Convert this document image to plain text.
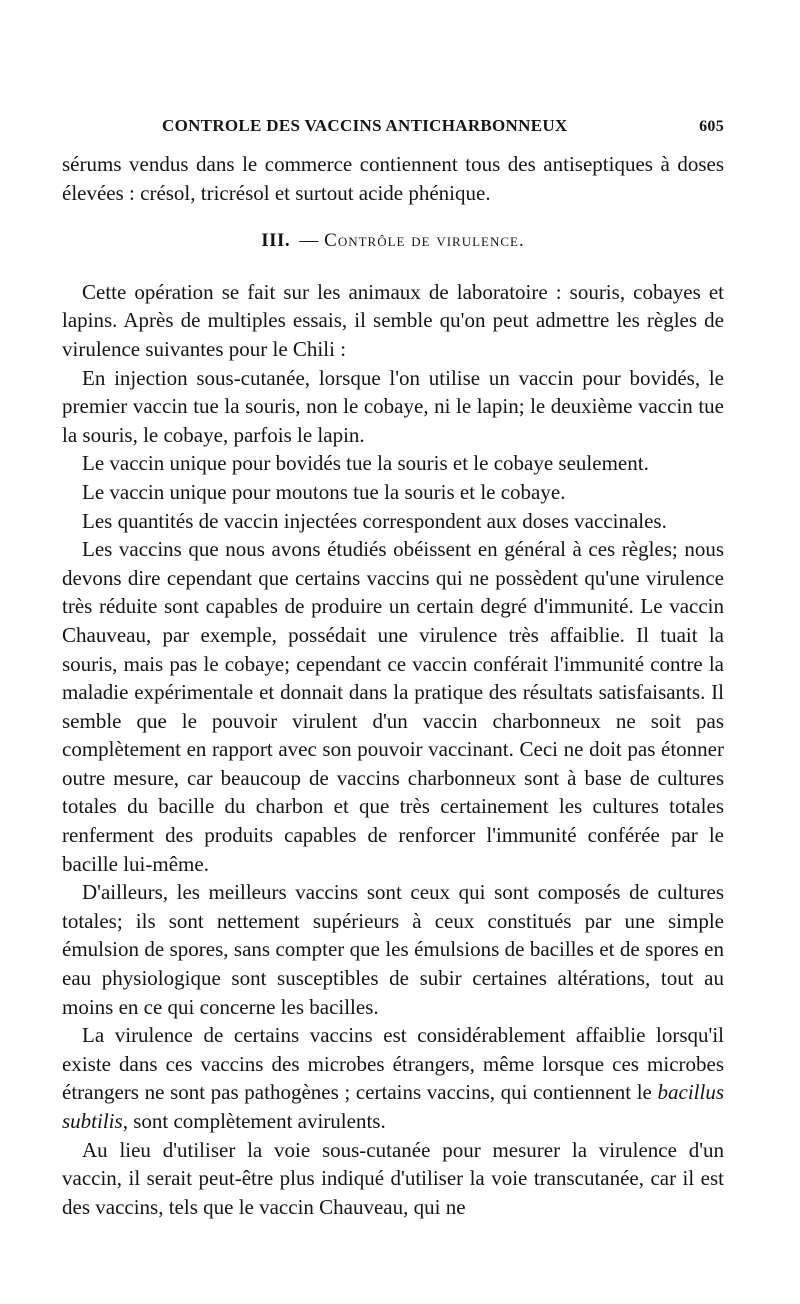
CONTROLE DES VACCINS ANTICHARBONNEUX	605

sérums vendus dans le commerce contiennent tous des antiseptiques à doses élevées : crésol, tricrésol et surtout acide phénique.

III. — Contrôle de virulence.

Cette opération se fait sur les animaux de laboratoire : souris, cobayes et lapins. Après de multiples essais, il semble qu'on peut admettre les règles de virulence suivantes pour le Chili :

En injection sous-cutanée, lorsque l'on utilise un vaccin pour bovidés, le premier vaccin tue la souris, non le cobaye, ni le lapin; le deuxième vaccin tue la souris, le cobaye, parfois le lapin.

Le vaccin unique pour bovidés tue la souris et le cobaye seulement.

Le vaccin unique pour moutons tue la souris et le cobaye.

Les quantités de vaccin injectées correspondent aux doses vaccinales.

Les vaccins que nous avons étudiés obéissent en général à ces règles; nous devons dire cependant que certains vaccins qui ne possèdent qu'une virulence très réduite sont capables de produire un certain degré d'immunité. Le vaccin Chauveau, par exemple, possédait une virulence très affaiblie. Il tuait la souris, mais pas le cobaye; cependant ce vaccin conférait l'immunité contre la maladie expérimentale et donnait dans la pratique des résultats satisfaisants. Il semble que le pouvoir virulent d'un vaccin charbonneux ne soit pas complètement en rapport avec son pouvoir vaccinant. Ceci ne doit pas étonner outre mesure, car beaucoup de vaccins charbonneux sont à base de cultures totales du bacille du charbon et que très certainement les cultures totales renferment des produits capables de renforcer l'immunité conférée par le bacille lui-même.

D'ailleurs, les meilleurs vaccins sont ceux qui sont composés de cultures totales; ils sont nettement supérieurs à ceux constitués par une simple émulsion de spores, sans compter que les émulsions de bacilles et de spores en eau physiologique sont susceptibles de subir certaines altérations, tout au moins en ce qui concerne les bacilles.

La virulence de certains vaccins est considérablement affaiblie lorsqu'il existe dans ces vaccins des microbes étrangers, même lorsque ces microbes étrangers ne sont pas pathogènes ; certains vaccins, qui contiennent le bacillus subtilis, sont complètement avirulents.

Au lieu d'utiliser la voie sous-cutanée pour mesurer la virulence d'un vaccin, il serait peut-être plus indiqué d'utiliser la voie transcutanée, car il est des vaccins, tels que le vaccin Chauveau, qui ne
